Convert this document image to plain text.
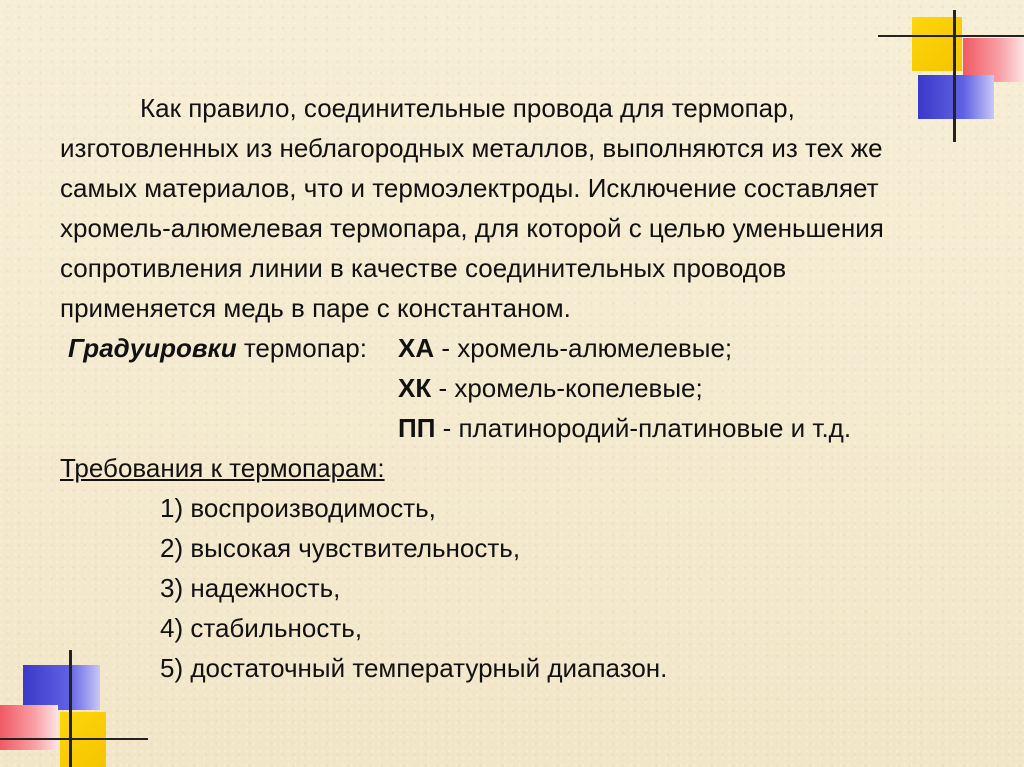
Как правило, соединительные провода для термопар,
изготовленных из неблагородных металлов, выполняются из тех же
самых материалов, что и термоэлектроды. Исключение составляет
хромель-алюмелевая термопара, для которой с целью уменьшения
сопротивления линии в качестве соединительных проводов
применяется медь в паре с константаном.
Градуировки термопар: ХА - хромель-алюмелевые;
ХК - хромель-копелевые;
ПП - платинородий-платиновые и т.д.
Требования к термопарам:
1) воспроизводимость,
2) высокая чувствительность,
3) надежность,
4) стабильность,
5) достаточный температурный диапазон.
